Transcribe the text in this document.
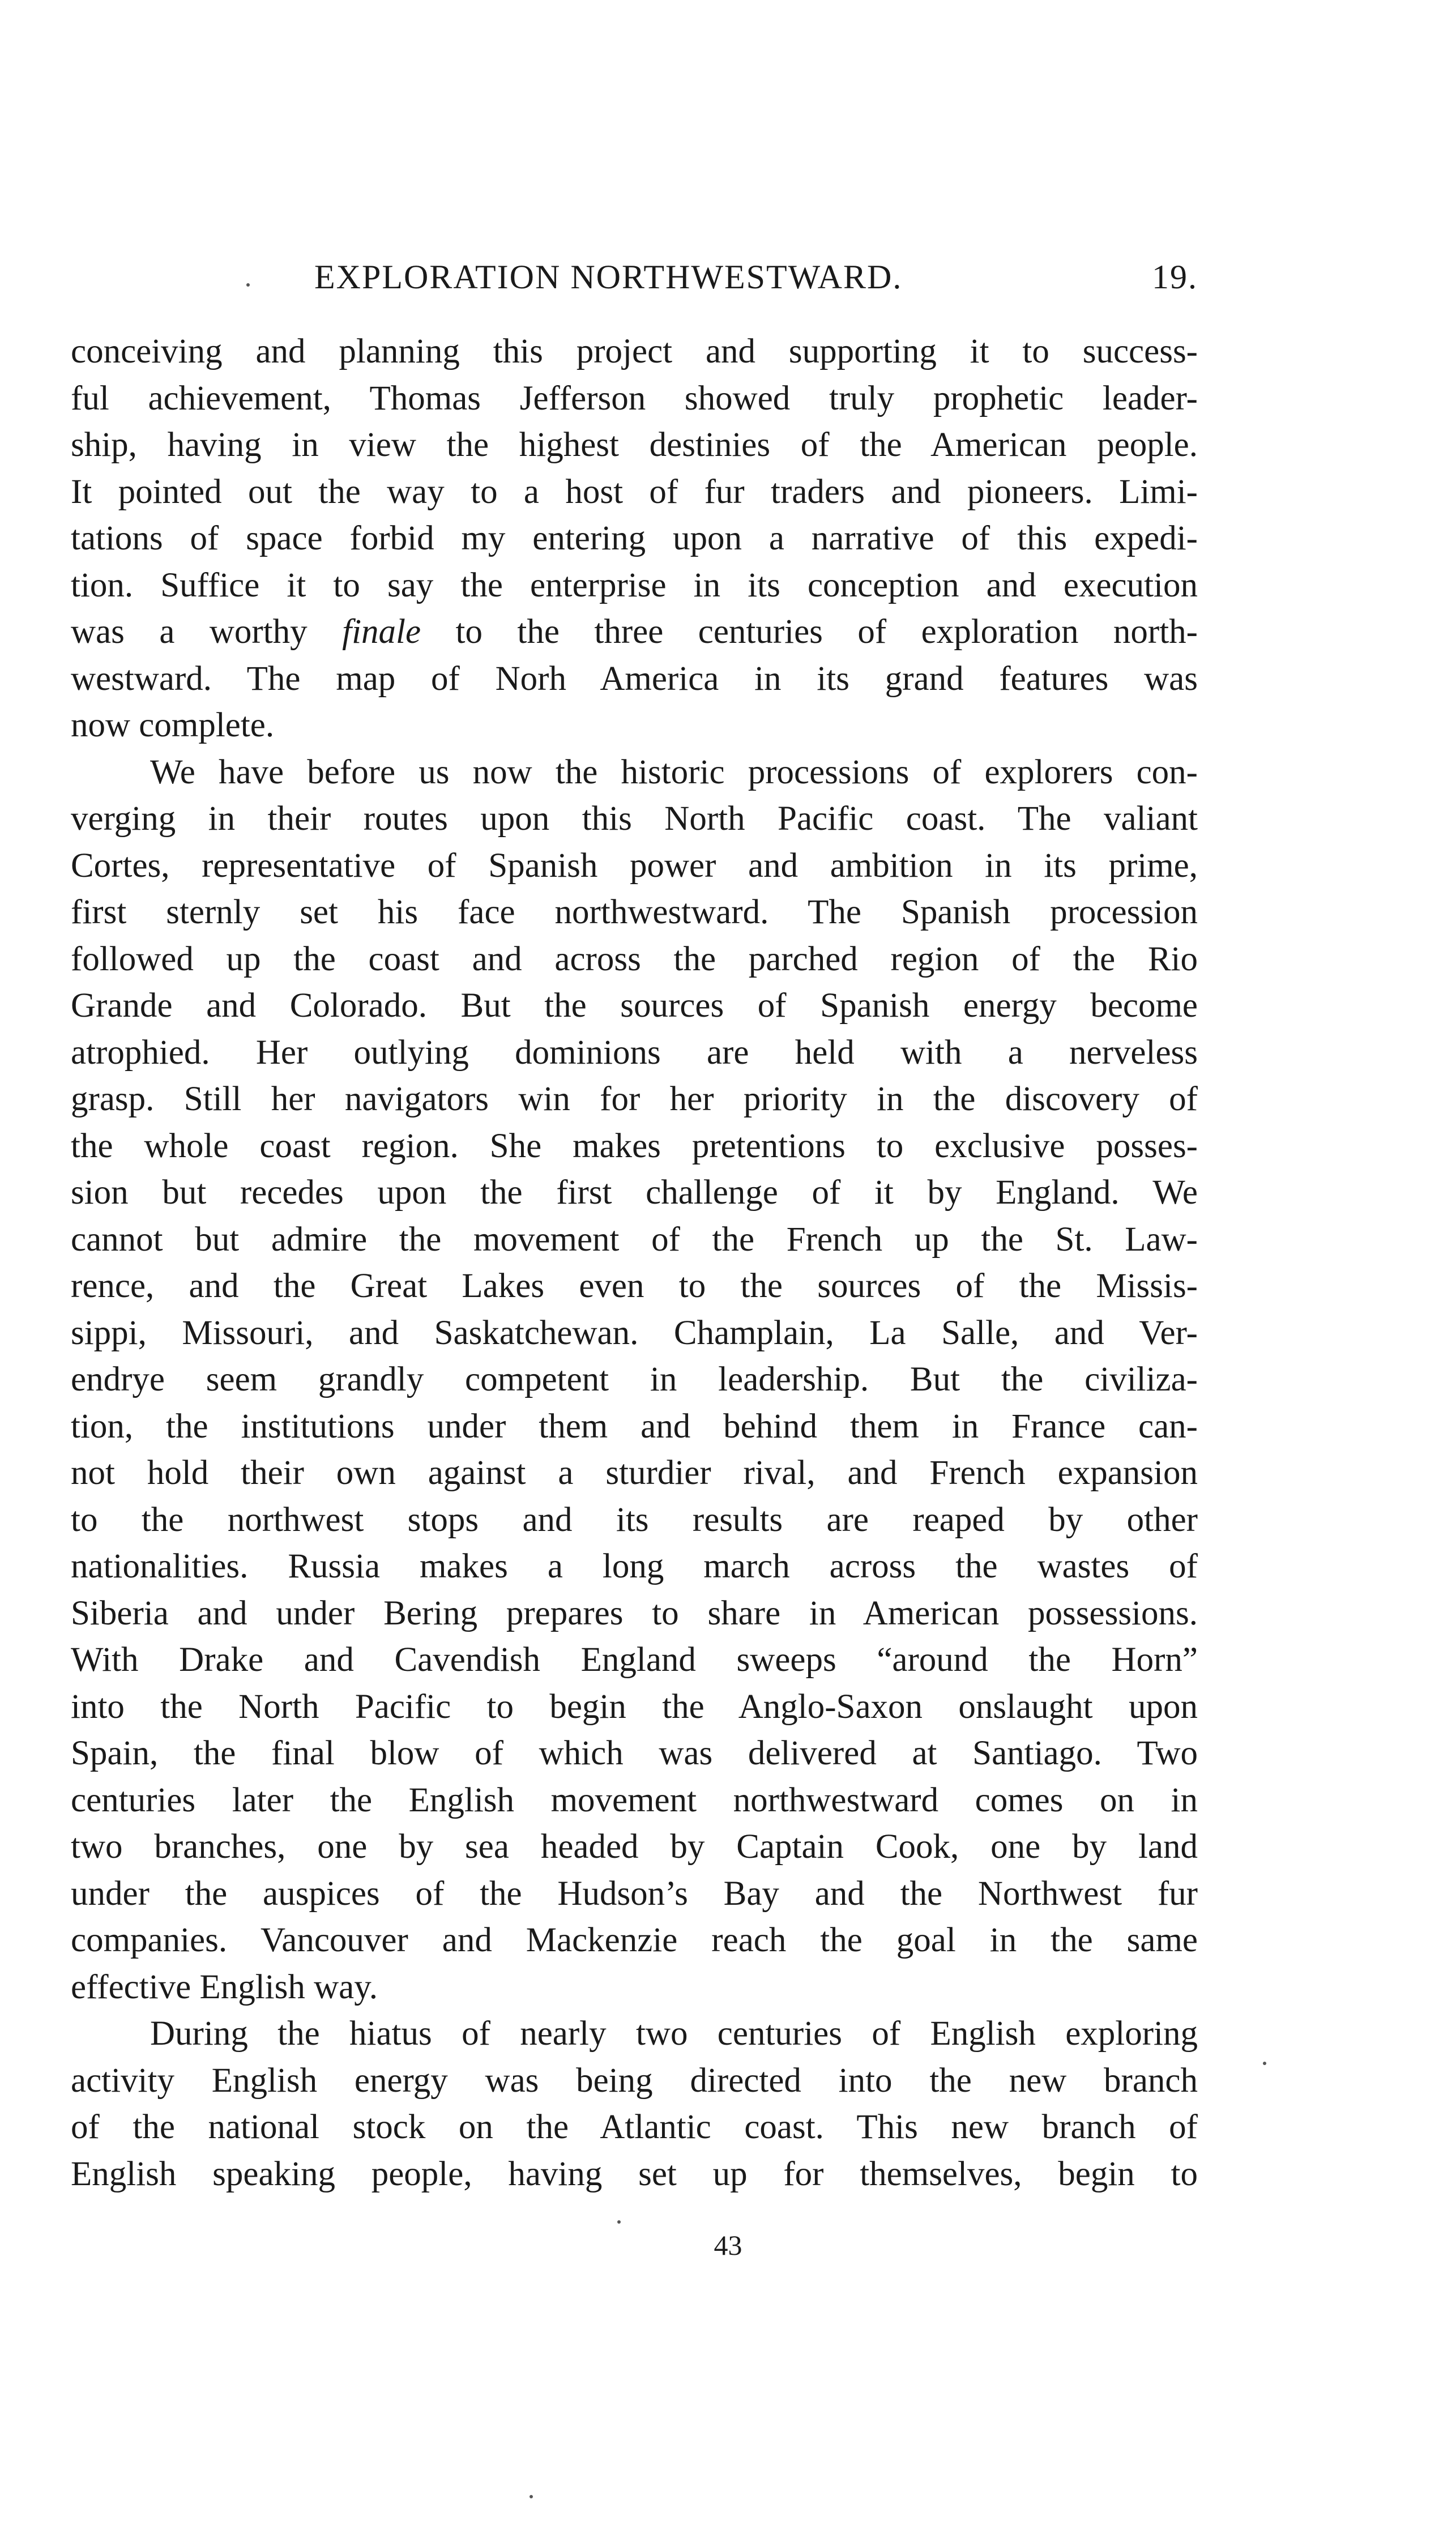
EXPLORATION NORTHWESTWARD.	19.
conceiving and planning this project and supporting it to success-
ful achievement, Thomas Jefferson showed truly prophetic leader-
ship, having in view the highest destinies of the American people.
It pointed out the way to a host of fur traders and pioneers. Limi-
tations of space forbid my entering upon a narrative of this expedi-
tion. Suffice it to say the enterprise in its conception and execution
was a worthy finale to the three centuries of exploration north-
westward. The map of Norh America in its grand features was
now complete.
We have before us now the historic processions of explorers con-
verging in their routes upon this North Pacific coast. The valiant
Cortes, representative of Spanish power and ambition in its prime,
first sternly set his face northwestward. The Spanish procession
followed up the coast and across the parched region of the Rio
Grande and Colorado. But the sources of Spanish energy become
atrophied. Her outlying dominions are held with a nerveless
grasp. Still her navigators win for her priority in the discovery of
the whole coast region. She makes pretentions to exclusive posses-
sion but recedes upon the first challenge of it by England. We
cannot but admire the movement of the French up the St. Law-
rence, and the Great Lakes even to the sources of the Missis-
sippi, Missouri, and Saskatchewan. Champlain, La Salle, and Ver-
endrye seem grandly competent in leadership. But the civiliza-
tion, the institutions under them and behind them in France can-
not hold their own against a sturdier rival, and French expansion
to the northwest stops and its results are reaped by other
nationalities. Russia makes a long march across the wastes of
Siberia and under Bering prepares to share in American possessions.
With Drake and Cavendish England sweeps “around the Horn”
into the North Pacific to begin the Anglo-Saxon onslaught upon
Spain, the final blow of which was delivered at Santiago. Two
centuries later the English movement northwestward comes on in
two branches, one by sea headed by Captain Cook, one by land
under the auspices of the Hudson’s Bay and the Northwest fur
companies. Vancouver and Mackenzie reach the goal in the same
effective English way.
During the hiatus of nearly two centuries of English exploring
activity English energy was being directed into the new branch
of the national stock on the Atlantic coast. This new branch of
English speaking people, having set up for themselves, begin to
43
